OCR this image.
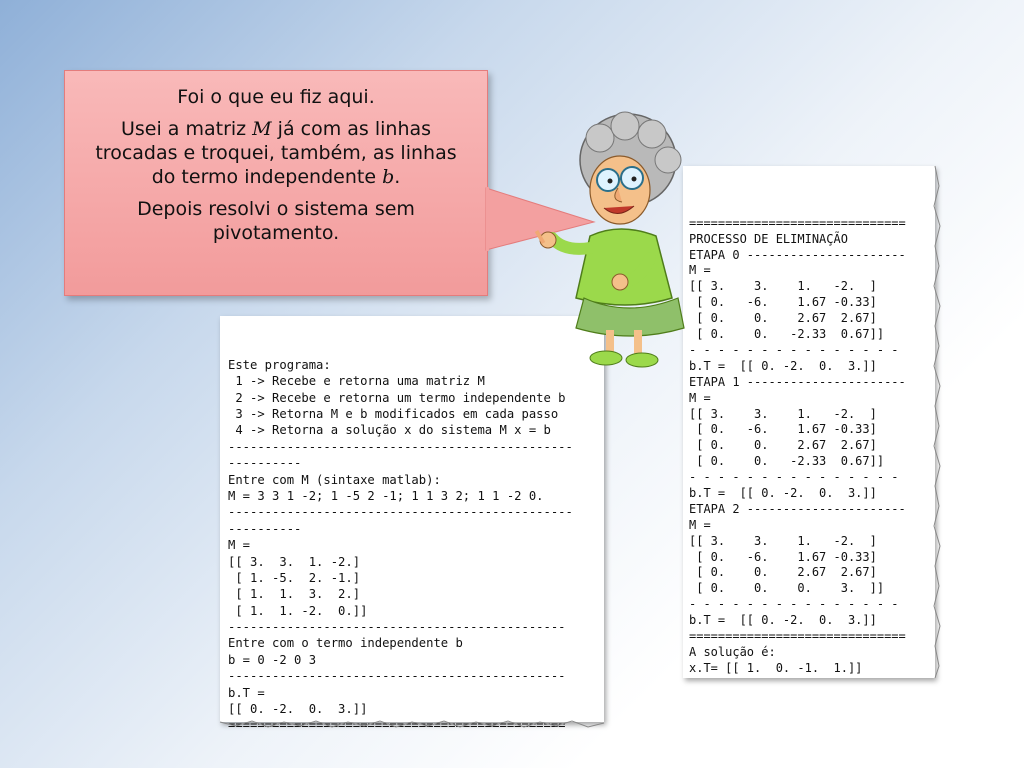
Foi o que eu fiz aqui.

Usei a matriz M já com as linhas trocadas e troquei, também, as linhas do termo independente b.

Depois resolvi o sistema sem pivotamento.

	==============================
PROCESSO DE ELIMINAÇÃO
ETAPA 0 ----------------------
M =
[[ 3.    3.    1.   -2.  ]
[ 0.   -6.    1.67 -0.33]
[ 0.    0.    2.67  2.67]
[ 0.    0.   -2.33  0.67]]
- - - - - - - - - - - - - - -
b.T =  [[ 0. -2.  0.  3.]]
ETAPA 1 ----------------------
M =
[[ 3.    3.    1.   -2.  ]
[ 0.   -6.    1.67 -0.33]
[ 0.    0.    2.67  2.67]
[ 0.    0.   -2.33  0.67]]
- - - - - - - - - - - - - - -
b.T =  [[ 0. -2.  0.  3.]]
ETAPA 2 ----------------------
M =
[[ 3.    3.    1.   -2.  ]
[ 0.   -6.    1.67 -0.33]
[ 0.    0.    2.67  2.67]
[ 0.    0.    0.    3.  ]]
- - - - - - - - - - - - - - -
b.T =  [[ 0. -2.  0.  3.]]
==============================
A solução é:
x.T= [[ 1.  0. -1.  1.]]

Este programa:
1 -> Recebe e retorna uma matriz M
2 -> Recebe e retorna um termo independente b
3 -> Retorna M e b modificados em cada passo
4 -> Retorna a solução x do sistema M x = b
-----------------------------------------------
----------
Entre com M (sintaxe matlab):
M = 3 3 1 -2; 1 -5 2 -1; 1 1 3 2; 1 1 -2 0.
-----------------------------------------------
----------
M =
[[ 3.  3.  1. -2.]
[ 1. -5.  2. -1.]
[ 1.  1.  3.  2.]
[ 1.  1. -2.  0.]]
----------------------------------------------
Entre com o termo independente b
b = 0 -2 0 3
----------------------------------------------
b.T =
[[ 0. -2.  0.  3.]]
==============================================
